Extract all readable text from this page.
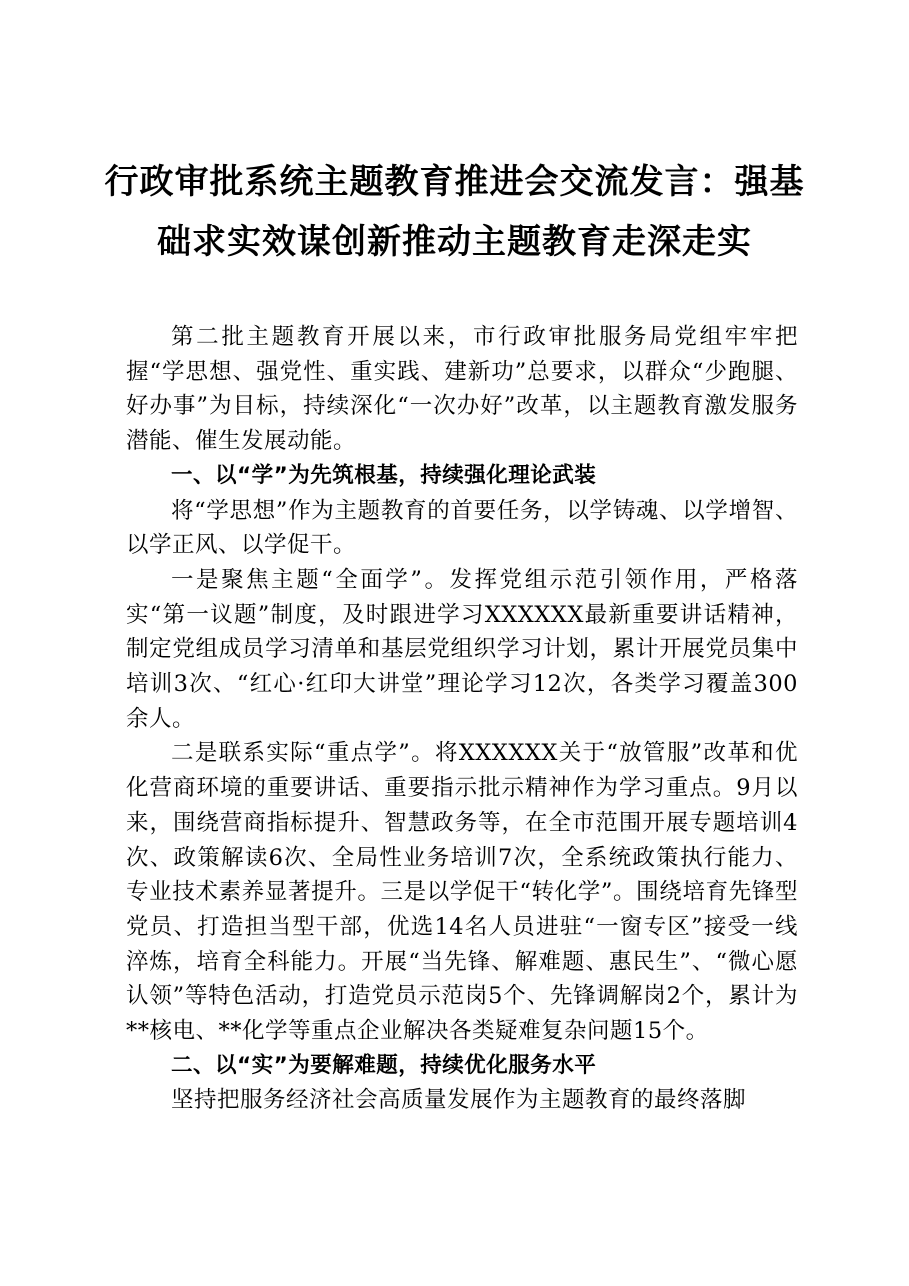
行政审批系统主题教育推进会交流发言：强基
础求实效谋创新推动主题教育走深走实

第二批主题教育开展以来，市行政审批服务局党组牢牢把握“学思想、强党性、重实践、建新功”总要求，以群众“少跑腿、好办事”为目标，持续深化“一次办好”改革，以主题教育激发服务潜能、催生发展动能。

一、以“学”为先筑根基，持续强化理论武装

将“学思想”作为主题教育的首要任务，以学铸魂、以学增智、以学正风、以学促干。

一是聚焦主题“全面学”。发挥党组示范引领作用，严格落实“第一议题”制度，及时跟进学习XXXXXX最新重要讲话精神，制定党组成员学习清单和基层党组织学习计划，累计开展党员集中培训3次、“红心·红印大讲堂”理论学习12次，各类学习覆盖300余人。

二是联系实际“重点学”。将XXXXXX关于“放管服”改革和优化营商环境的重要讲话、重要指示批示精神作为学习重点。9月以来，围绕营商指标提升、智慧政务等，在全市范围开展专题培训4次、政策解读6次、全局性业务培训7次，全系统政策执行能力、专业技术素养显著提升。三是以学促干“转化学”。围绕培育先锋型党员、打造担当型干部，优选14名人员进驻“一窗专区”接受一线淬炼，培育全科能力。开展“当先锋、解难题、惠民生”、“微心愿认领”等特色活动，打造党员示范岗5个、先锋调解岗2个，累计为**核电、**化学等重点企业解决各类疑难复杂问题15个。

二、以“实”为要解难题，持续优化服务水平

坚持把服务经济社会高质量发展作为主题教育的最终落脚
